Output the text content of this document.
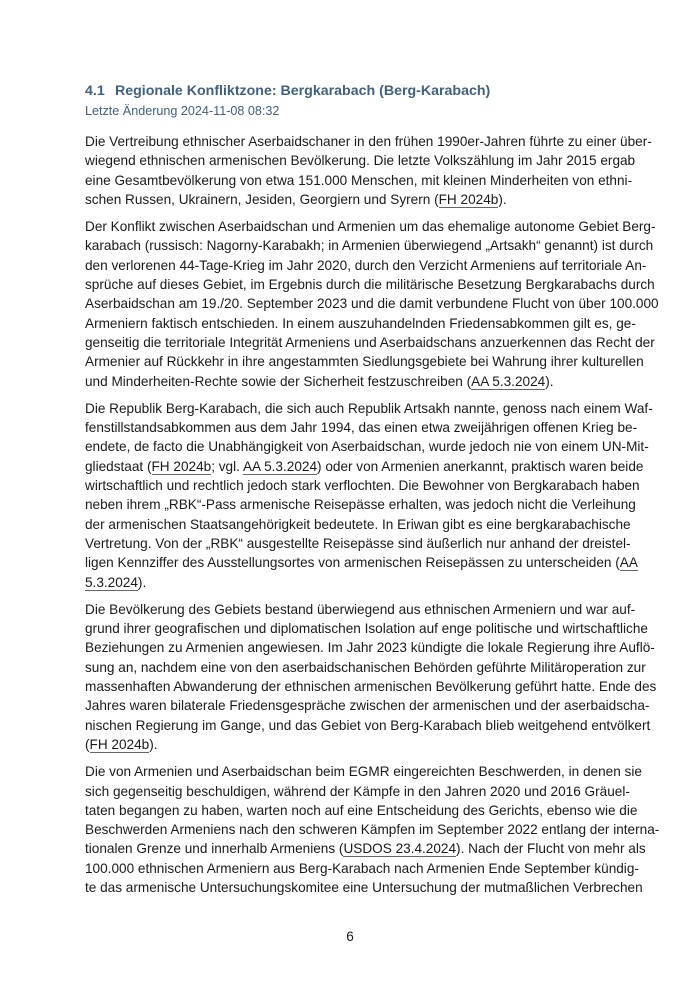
4.1 Regionale Konfliktzone: Bergkarabach (Berg-Karabach)
Letzte Änderung 2024-11-08 08:32
Die Vertreibung ethnischer Aserbaidschaner in den frühen 1990er-Jahren führte zu einer über-
wiegend ethnischen armenischen Bevölkerung. Die letzte Volkszählung im Jahr 2015 ergab
eine Gesamtbevölkerung von etwa 151.000 Menschen, mit kleinen Minderheiten von ethni-
schen Russen, Ukrainern, Jesiden, Georgiern und Syrern (FH 2024b).
Der Konflikt zwischen Aserbaidschan und Armenien um das ehemalige autonome Gebiet Berg-
karabach (russisch: Nagorny-Karabakh; in Armenien überwiegend „Artsakh“ genannt) ist durch
den verlorenen 44-Tage-Krieg im Jahr 2020, durch den Verzicht Armeniens auf territoriale An-
sprüche auf dieses Gebiet, im Ergebnis durch die militärische Besetzung Bergkarabachs durch
Aserbaidschan am 19./20. September 2023 und die damit verbundene Flucht von über 100.000
Armeniern faktisch entschieden. In einem auszuhandelnden Friedensabkommen gilt es, ge-
genseitig die territoriale Integrität Armeniens und Aserbaidschans anzuerkennen das Recht der
Armenier auf Rückkehr in ihre angestammten Siedlungsgebiete bei Wahrung ihrer kulturellen
und Minderheiten-Rechte sowie der Sicherheit festzuschreiben (AA 5.3.2024).
Die Republik Berg-Karabach, die sich auch Republik Artsakh nannte, genoss nach einem Waf-
fenstillstandsabkommen aus dem Jahr 1994, das einen etwa zweijährigen offenen Krieg be-
endete, de facto die Unabhängigkeit von Aserbaidschan, wurde jedoch nie von einem UN-Mit-
gliedstaat (FH 2024b; vgl. AA 5.3.2024) oder von Armenien anerkannt, praktisch waren beide
wirtschaftlich und rechtlich jedoch stark verflochten. Die Bewohner von Bergkarabach haben
neben ihrem „RBK“-Pass armenische Reisepässe erhalten, was jedoch nicht die Verleihung
der armenischen Staatsangehörigkeit bedeutete. In Eriwan gibt es eine bergkarabachische
Vertretung. Von der „RBK“ ausgestellte Reisepässe sind äußerlich nur anhand der dreistel-
ligen Kennziffer des Ausstellungsortes von armenischen Reisepässen zu unterscheiden (AA
5.3.2024).
Die Bevölkerung des Gebiets bestand überwiegend aus ethnischen Armeniern und war auf-
grund ihrer geografischen und diplomatischen Isolation auf enge politische und wirtschaftliche
Beziehungen zu Armenien angewiesen. Im Jahr 2023 kündigte die lokale Regierung ihre Auflö-
sung an, nachdem eine von den aserbaidschanischen Behörden geführte Militäroperation zur
massenhaften Abwanderung der ethnischen armenischen Bevölkerung geführt hatte. Ende des
Jahres waren bilaterale Friedensgespräche zwischen der armenischen und der aserbaidscha-
nischen Regierung im Gange, und das Gebiet von Berg-Karabach blieb weitgehend entvölkert
(FH 2024b).
Die von Armenien und Aserbaidschan beim EGMR eingereichten Beschwerden, in denen sie
sich gegenseitig beschuldigen, während der Kämpfe in den Jahren 2020 und 2016 Gräuel-
taten begangen zu haben, warten noch auf eine Entscheidung des Gerichts, ebenso wie die
Beschwerden Armeniens nach den schweren Kämpfen im September 2022 entlang der interna-
tionalen Grenze und innerhalb Armeniens (USDOS 23.4.2024). Nach der Flucht von mehr als
100.000 ethnischen Armeniern aus Berg-Karabach nach Armenien Ende September kündig-
te das armenische Untersuchungskomitee eine Untersuchung der mutmaßlichen Verbrechen
6
